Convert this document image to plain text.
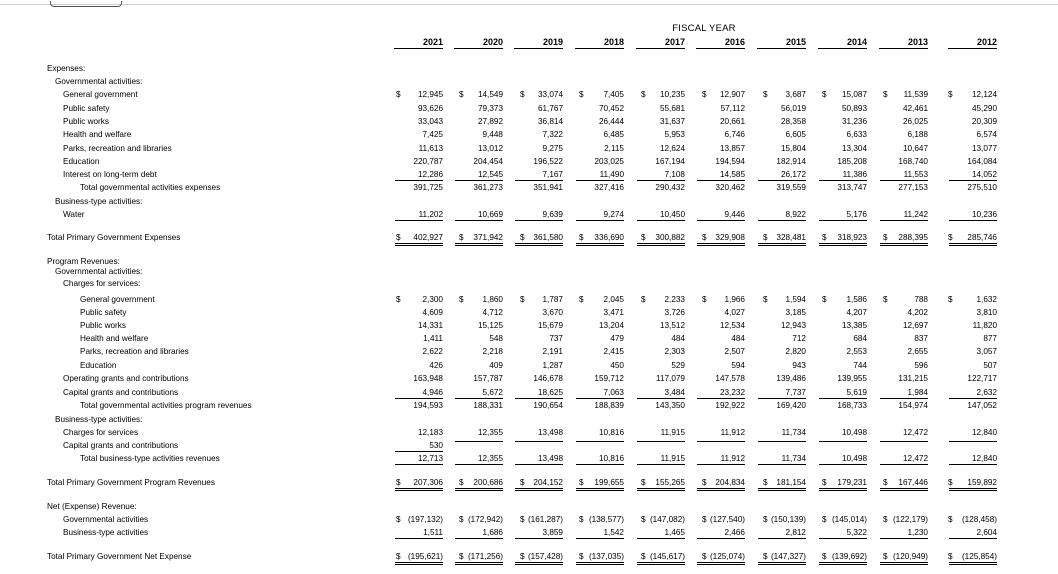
FISCAL YEAR
2021	2020	2019	2018	2017	2016	2015	2014	2013	2012
Expenses:
Governmental activities:
General government	$	12,945 $	14,549 $	33,074 $	7,405 $	10,235 $	12,907 $	3,687 $	15,087 $	11,539 $	12,124
Public safety	93,626	79,373	61,767	70,452	55,681	57,112	56,019	50,893	42,461	45,290
Public works	33,043	27,892	36,814	26,444	31,637	20,661	28,358	31,236	26,025	20,309
Health and welfare	7,425	9,448	7,322	6,485	5,953	6,746	6,605	6,633	6,188	6,574
Parks, recreation and libraries	11,613	13,012	9,275	2,115	12,624	13,857	15,804	13,304	10,647	13,077
Education	220,787	204,454	196,522	203,025	167,194	194,594	182,914	185,208	168,740	164,084
Interest on long-term debt	12,286	12,545	7,167	11,490	7,108	14,585	26,172	11,386	11,553	14,052
Total governmental activities expenses	391,725	361,273	351,941	327,416	290,432	320,462	319,559	313,747	277,153	275,510
Business-type activities:
Water	11,202	10,669	9,639	9,274	10,450	9,446	8,922	5,176	11,242	10,236
Total Primary Government Expenses	$	402,927 $	371,942 $	361,580 $	336,690 $	300,882 $	329,908 $	328,481 $	318,923 $	288,395 $	285,746
Program Revenues:
Governmental activities:
Charges for services:
General government	$	2,300 $	1,860 $	1,787 $	2,045 $	2,233 $	1,966 $	1,594 $	1,586 $	788 $	1,632
Public safety	4,609	4,712	3,670	3,471	3,726	4,027	3,185	4,207	4,202	3,810
Public works	14,331	15,125	15,679	13,204	13,512	12,534	12,943	13,385	12,697	11,820
Health and welfare	1,411	548	737	479	484	484	712	684	837	877
Parks, recreation and libraries	2,622	2,218	2,191	2,415	2,303	2,507	2,820	2,553	2,655	3,057
Education	426	409	1,287	450	529	594	943	744	596	507
Operating grants and contributions	163,948	157,787	146,678	159,712	117,079	147,578	139,486	139,955	131,215	122,717
Capital grants and contributions	4,946	5,672	18,625	7,063	3,484	23,232	7,737	5,619	1,984	2,632
Total governmental activities program revenues	194,593	188,331	190,654	188,839	143,350	192,922	169,420	168,733	154,974	147,052
Business-type activities:
Charges for services	12,183	12,355	13,498	10,816	11,915	11,912	11,734	10,498	12,472	12,840
Capital grants and contributions	530
Total business-type activities revenues	12,713	12,355	13,498	10,816	11,915	11,912	11,734	10,498	12,472	12,840
Total Primary Government Program Revenues	$	207,306 $	200,686 $	204,152 $	199,655 $	155,265 $	204,834 $	181,154 $	179,231 $	167,446 $	159,892
Net (Expense) Revenue:
Governmental activities	$ (197,132) $ (172,942) $ (161,287) $ (138,577) $ (147,082) $ (127,540) $ (150,139) $ (145,014) $ (122,179) $	(128,458)
Business-type activities	1,511	1,686	3,859	1,542	1,465	2,466	2,812	5,322	1,230	2,604
Total Primary Government Net Expense	$ (195,621) $ (171,256) $ (157,428) $ (137,035) $ (145,617) $ (125,074) $ (147,327) $ (139,692) $ (120,949) $	(125,854)
